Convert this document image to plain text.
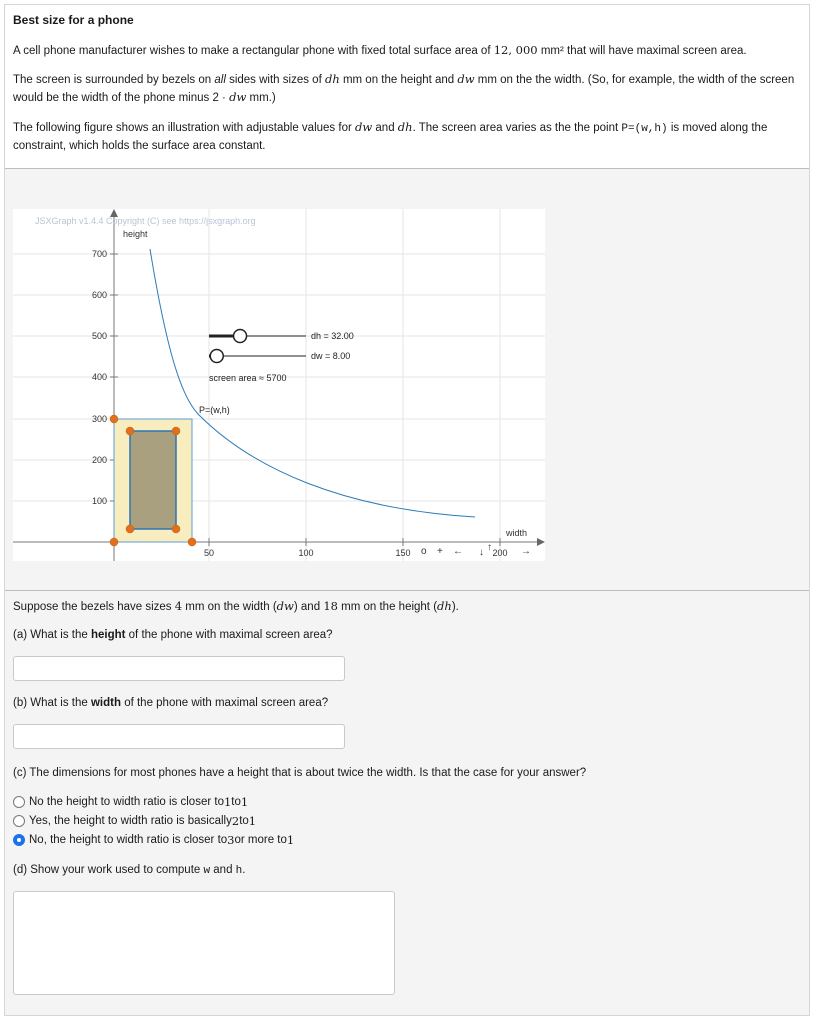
Best size for a phone
A cell phone manufacturer wishes to make a rectangular phone with fixed total surface area of 12, 000 mm² that will have maximal screen area.
The screen is surrounded by bezels on all sides with sizes of dh mm on the height and dw mm on the the width. (So, for example, the width of the screen would be the width of the phone minus 2 · dw mm.)
The following figure shows an illustration with adjustable values for dw and dh. The screen area varies as the the point P=(w,h) is moved along the constraint, which holds the surface area constant.
700
600
500
400
300
200
100
50	100	150	200
height
width
JSXGraph v1.4.4 Copyright (C) see https://jsxgraph.org
P=(w,h)
dh = 32.00
dw = 8.00
screen area ≈ 5700
o + ← ↓ ↑	→
Suppose the bezels have sizes 4 mm on the width (dw) and 18 mm on the height (dh).
(a) What is the height of the phone with maximal screen area?
(b) What is the width of the phone with maximal screen area?
(c) The dimensions for most phones have a height that is about twice the width. Is that the case for your answer?
No the height to width ratio is closer to 1 to 1
Yes, the height to width ratio is basically 2 to 1
No, the height to width ratio is closer to 3 or more to 1
(d) Show your work used to compute w and h.
